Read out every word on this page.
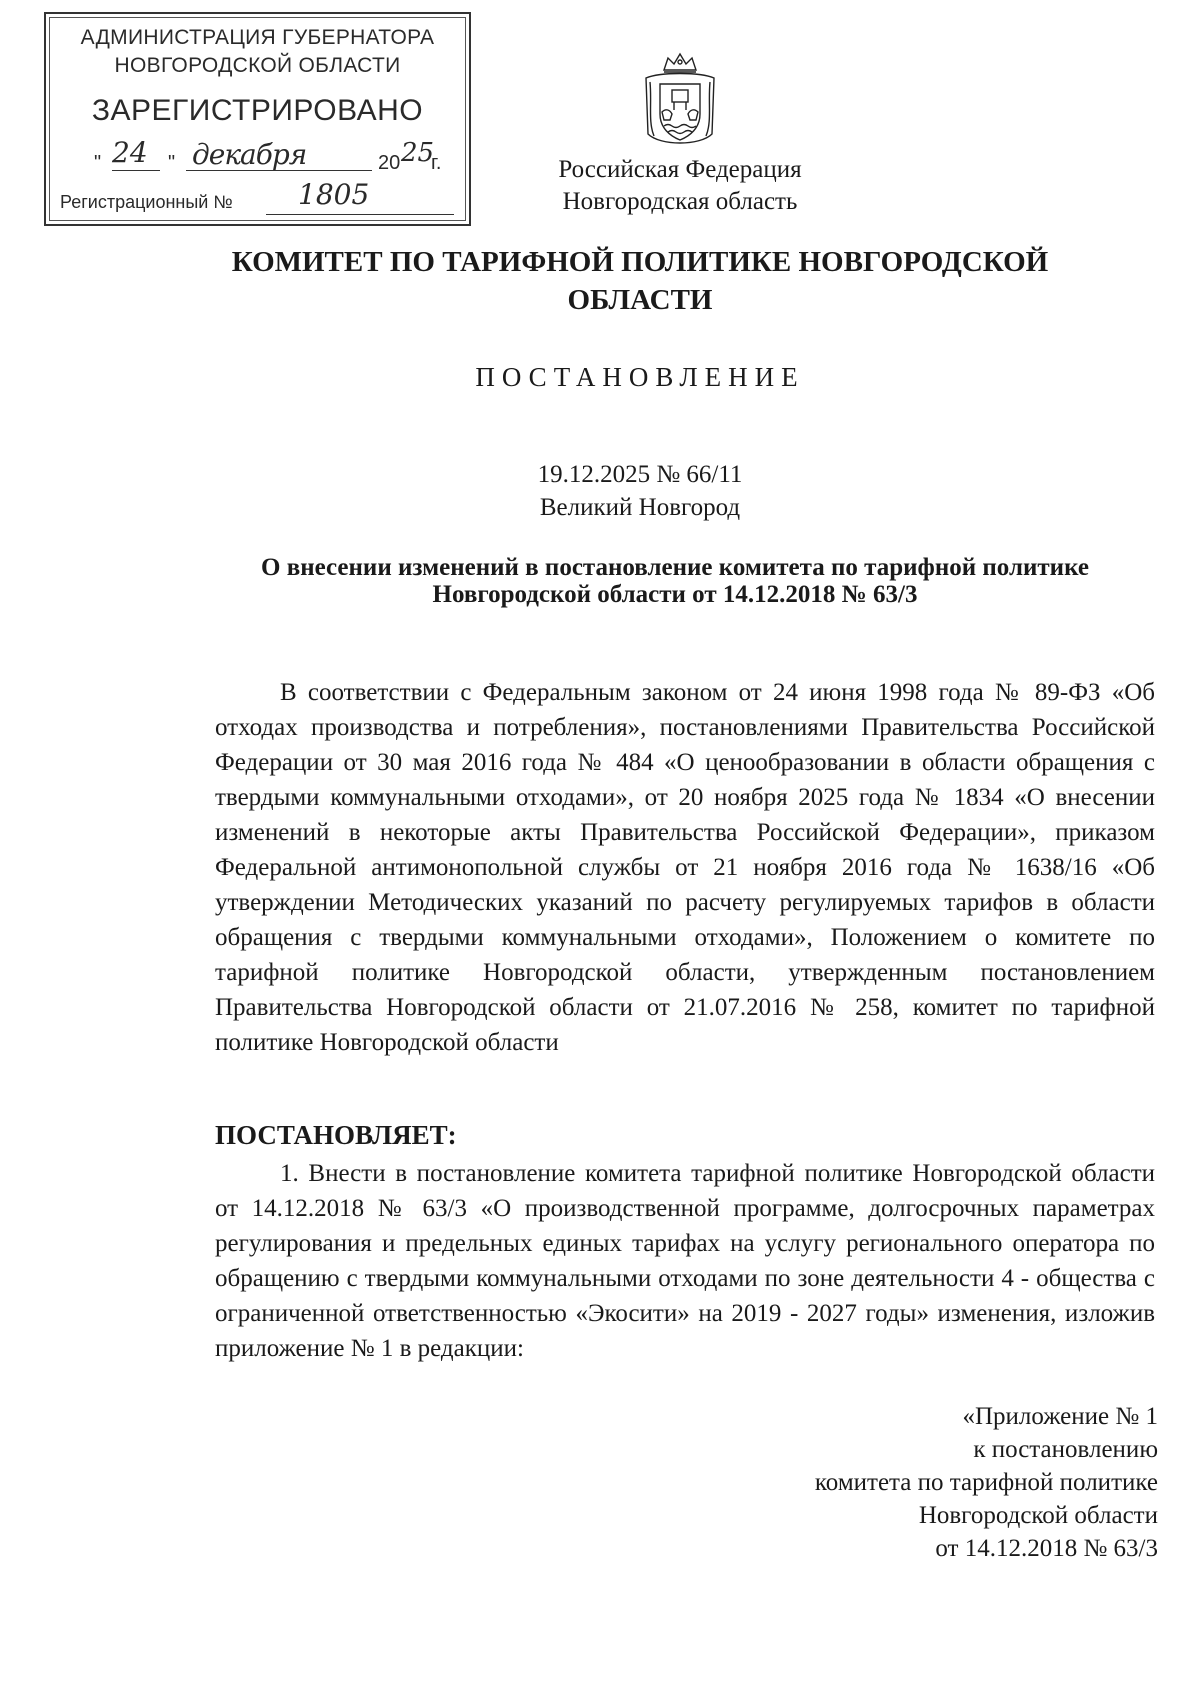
АДМИНИСТРАЦИЯ ГУБЕРНАТОРА
НОВГОРОДСКОЙ ОБЛАСТИ
ЗАРЕГИСТРИРОВАНО
" 24 " декабря	20 25
г.
Регистрационный № 1805
Российская Федерация
Новгородская область
КОМИТЕТ ПО ТАРИФНОЙ ПОЛИТИКЕ НОВГОРОДСКОЙ ОБЛАСТИ
ПОСТАНОВЛЕНИЕ
19.12.2025 № 66/11
Великий Новгород
О внесении изменений в постановление комитета по тарифной политике Новгородской области от 14.12.2018 № 63/3
В соответствии с Федеральным законом от 24 июня 1998 года № 89-ФЗ «Об отходах производства и потребления», постановлениями Правительства Российской Федерации от 30 мая 2016 года № 484 «О ценообразовании в области обращения с твердыми коммунальными отходами», от 20 ноября 2025 года № 1834 «О внесении изменений в некоторые акты Правительства Российской Федерации», приказом Федеральной антимонопольной службы от 21 ноября 2016 года № 1638/16 «Об утверждении Методических указаний по расчету регулируемых тарифов в области обращения с твердыми коммунальными отходами», Положением о комитете по тарифной политике Новгородской области, утвержденным постановлением Правительства Новгородской области от 21.07.2016 № 258, комитет по тарифной политике Новгородской области
ПОСТАНОВЛЯЕТ:
1. Внести в постановление комитета тарифной политике Новгородской области от 14.12.2018 № 63/3 «О производственной программе, долгосрочных параметрах регулирования и предельных единых тарифах на услугу регионального оператора по обращению с твердыми коммунальными отходами по зоне деятельности 4 - общества с ограниченной ответственностью «Экосити» на 2019 - 2027 годы» изменения, изложив приложение № 1 в редакции:
«Приложение № 1
к постановлению
комитета по тарифной политике
Новгородской области
от 14.12.2018 № 63/3
